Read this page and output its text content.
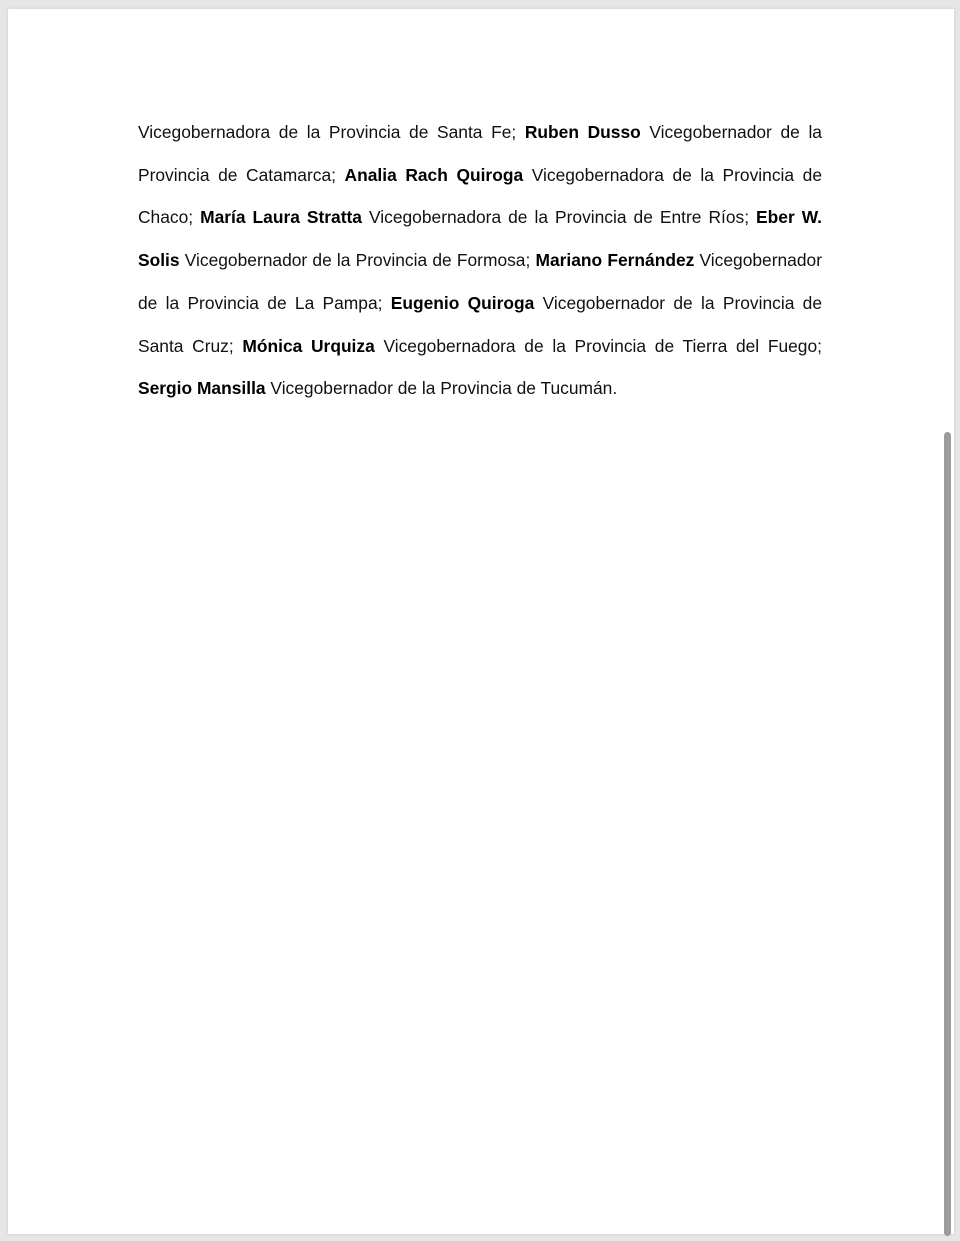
Vicegobernadora de la Provincia de Santa Fe; Ruben Dusso Vicegobernador de la Provincia de Catamarca; Analia Rach Quiroga Vicegobernadora de la Provincia de Chaco; María Laura Stratta Vicegobernadora de la Provincia de Entre Ríos; Eber W. Solis Vicegobernador de la Provincia de Formosa; Mariano Fernández Vicegobernador de la Provincia de La Pampa; Eugenio Quiroga Vicegobernador de la Provincia de Santa Cruz; Mónica Urquiza Vicegobernadora de la Provincia de Tierra del Fuego; Sergio Mansilla Vicegobernador de la Provincia de Tucumán.
